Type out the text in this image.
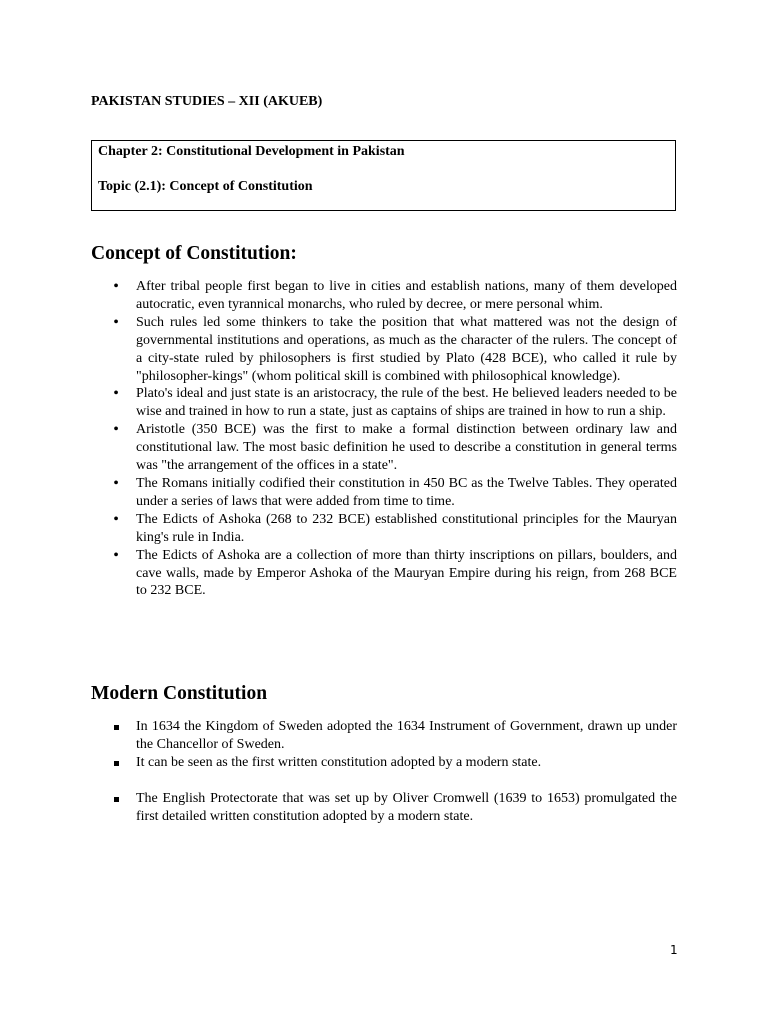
PAKISTAN STUDIES – XII (AKUEB)

Chapter 2: Constitutional Development in Pakistan

Topic (2.1): Concept of Constitution

Concept of Constitution:
•
After tribal people first began to live in cities and establish nations, many of them developed autocratic, even tyrannical monarchs, who ruled by decree, or mere personal whim.
•
Such rules led some thinkers to take the position that what mattered was not the design of governmental institutions and operations, as much as the character of the rulers. The concept of a city-state ruled by philosophers is first studied by Plato (428 BCE), who called it rule by "philosopher-kings" (whom political skill is combined with philosophical knowledge).
•
Plato's ideal and just state is an aristocracy, the rule of the best. He believed leaders needed to be wise and trained in how to run a state, just as captains of ships are trained in how to run a ship.
•
Aristotle (350 BCE) was the first to make a formal distinction between ordinary law and constitutional law. The most basic definition he used to describe a constitution in general terms was "the arrangement of the offices in a state".
•
The Romans initially codified their constitution in 450 BC as the Twelve Tables. They operated under a series of laws that were added from time to time.
•
The Edicts of Ashoka (268 to 232 BCE) established constitutional principles for the Mauryan king's rule in India.
•
The Edicts of Ashoka are a collection of more than thirty inscriptions on pillars, boulders, and cave walls, made by Emperor Ashoka of the Mauryan Empire during his reign, from 268 BCE to 232 BCE.
Modern Constitution
In 1634 the Kingdom of Sweden adopted the 1634 Instrument of Government, drawn up under the Chancellor of Sweden.
It can be seen as the first written constitution adopted by a modern state.
The English Protectorate that was set up by Oliver Cromwell (1639 to 1653) promulgated the first detailed written constitution adopted by a modern state.
1
